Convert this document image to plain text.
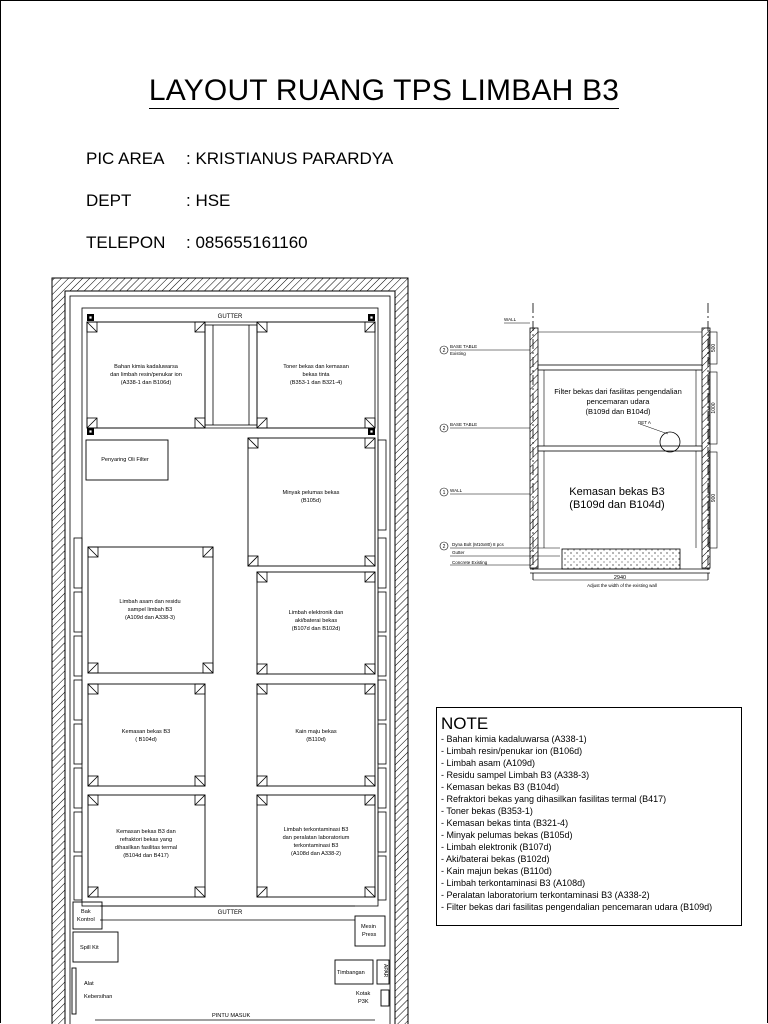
LAYOUT RUANG TPS LIMBAH B3
PIC AREA : KRISTIANUS PARARDYA
DEPT	: HSE
TELEPON : 085655161160
GUTTER
GUTTER
Bahan kimia kadaluwarsa dan limbah resin/penukar ion (A338-1 dan B106d)
Toner bekas dan kemasan bekas tinta (B353-1 dan B321-4)
Penyaring Oli Filter
Minyak pelumas bekas (B105d)
Limbah asam dan residu sampel limbah B3 (A109d dan A338-3)
Limbah elektronik dan aki/baterai bekas (B107d dan B102d)
Kemasan bekas B3 ( B104d)
Kain maju bekas (B110d)
Kemasan bekas B3 dan refraktori bekas yang dihasilkan fasilitas termal (B104d dan B417)
Limbah terkontaminasi B3 dan peralatan laboratorium terkontaminasi B3 (A108d dan A338-2)
Bak Kontrol
Spill Kit
Alat Kebersihan
Mesin Press
Timbangan	APAR
Kotak P3K
PINTU MASUK
500
1000
900
2940
Adjust the width of the existing wall
WALL
BASE TABLE
Existing
BASE TABLE
WALL
Dyna Bolt (M10x80) 8 pcs
Gutter
Concrete Existing
DET A
2
2
1
2
Filter bekas dari fasilitas pengendalian pencemaran udara (B109d dan B104d)
Kemasan bekas B3 (B109d dan B104d)
NOTE
- Bahan kimia kadaluwarsa (A338-1)
- Limbah resin/penukar ion (B106d)
- Limbah asam (A109d)
- Residu sampel Limbah B3 (A338-3)
- Kemasan bekas B3 (B104d)
- Refraktori bekas yang dihasilkan fasilitas termal (B417)
- Toner bekas (B353-1)
- Kemasan bekas tinta (B321-4)
- Minyak pelumas bekas (B105d)
- Limbah elektronik (B107d)
- Aki/baterai bekas (B102d)
- Kain majun bekas (B110d)
- Limbah terkontaminasi B3 (A108d)
- Peralatan laboratorium terkontaminasi B3 (A338-2)
- Filter bekas dari fasilitas pengendalian pencemaran udara (B109d)
